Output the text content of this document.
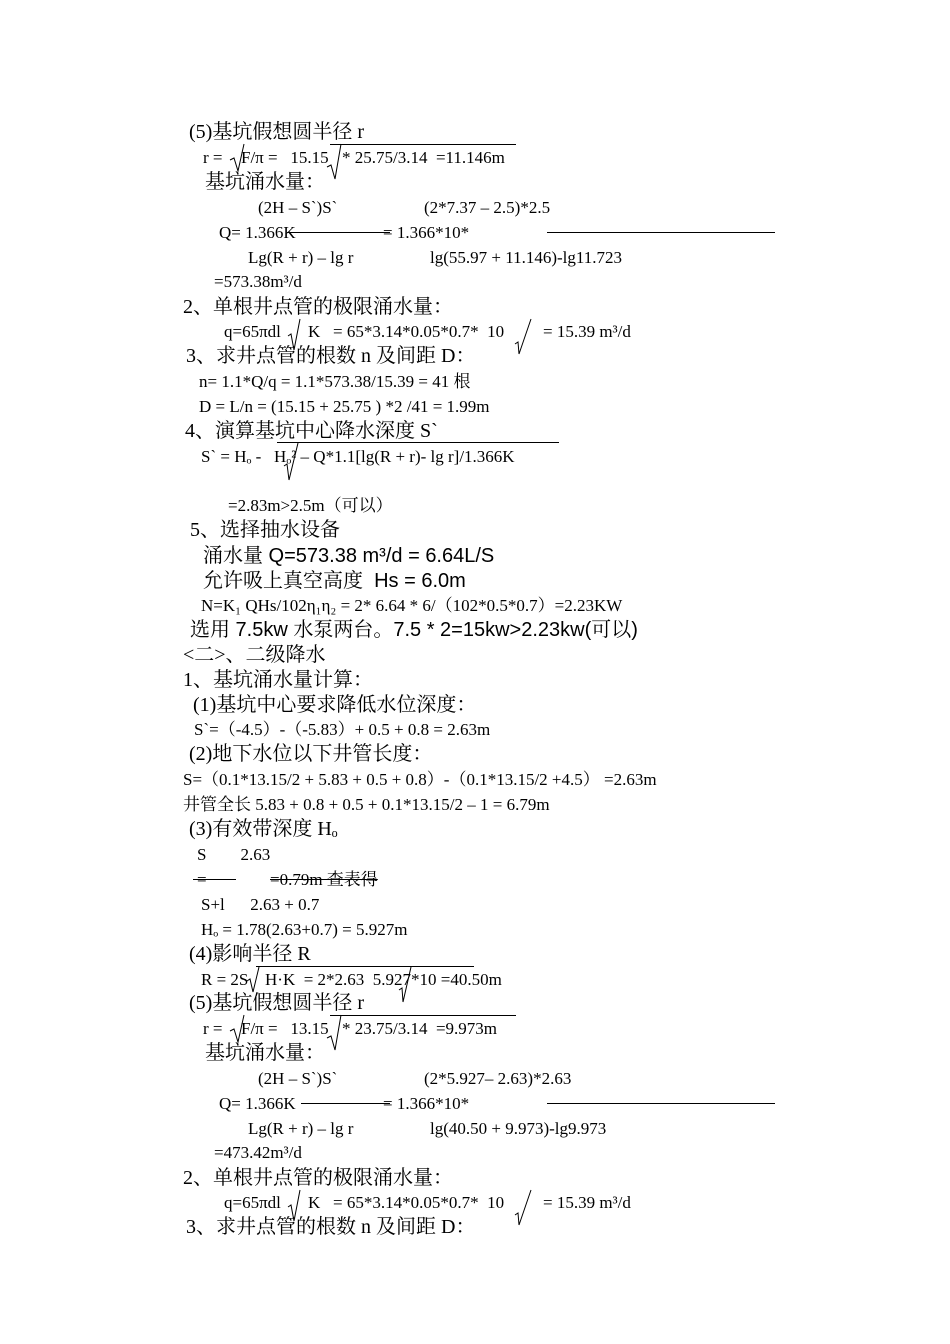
(5)基坑假想圆半径 r
r = F/π =   15.15 * 25.75/3.14  =11.146m
基坑涌水量：
(2H – S`)S`	(2*7.37 – 2.5)*2.5
Q= 1.366K	= 1.366*10*
Lg(R + r) – lg r	lg(55.97 + 11.146)-lg11.723
=573.38m³/d
2、单根井点管的极限涌水量：
q=65πdl K   = 65*3.14*0.05*0.7*  10 = 15.39 m³/d
3、求井点管的根数 n 及间距 D：
n= 1.1*Q/q = 1.1*573.38/15.39 = 41 根
D = L/n = (15.15 + 25.75 ) *2 /41 = 1.99m
4、演算基坑中心降水深度 S`
S` = Hₒ -   Hₒ² – Q*1.1[lg(R + r)- lg r]/1.366K
=2.83m>2.5m（可以）
5、选择抽水设备
涌水量 Q=573.38 m³/d = 6.64L/S
允许吸上真空高度  Hs = 6.0m
N=K₁ QHs/102η₁η₂ = 2* 6.64 * 6/（102*0.5*0.7）=2.23KW
选用 7.5kw 水泵两台。7.5 * 2=15kw>2.23kw(可以)
<二>、二级降水
1、基坑涌水量计算：
(1)基坑中心要求降低水位深度：
S`=（-4.5）-（-5.83）+ 0.5 + 0.8 = 2.63m
(2)地下水位以下井管长度：
S=（0.1*13.15/2 + 5.83 + 0.5 + 0.8）-（0.1*13.15/2 +4.5） =2.63m
井管全长 5.83 + 0.8 + 0.5 + 0.1*13.15/2 – 1 = 6.79m
(3)有效带深度 Hₒ
S        2.63
=	=0.79m 查表得
S+l      2.63 + 0.7
Hₒ = 1.78(2.63+0.7) = 5.927m
(4)影响半径 R
R = 2S H·K  = 2*2.63  5.927*10 =40.50m
(5)基坑假想圆半径 r
r = F/π =   13.15 * 23.75/3.14  =9.973m
基坑涌水量：
(2H – S`)S`	(2*5.927– 2.63)*2.63
Q= 1.366K	= 1.366*10*
Lg(R + r) – lg r	lg(40.50 + 9.973)-lg9.973
=473.42m³/d
2、单根井点管的极限涌水量：
q=65πdl K   = 65*3.14*0.05*0.7*  10 = 15.39 m³/d
3、求井点管的根数 n 及间距 D：
